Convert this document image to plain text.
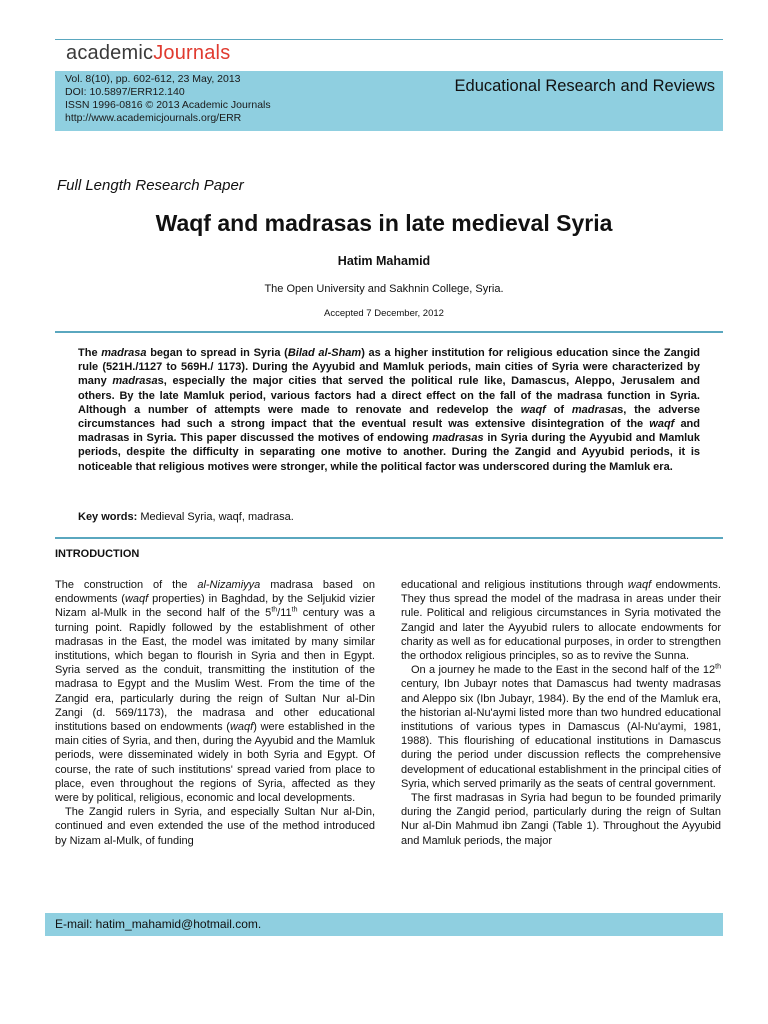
academicJournals
Vol. 8(10), pp. 602-612, 23 May, 2013
DOI: 10.5897/ERR12.140
ISSN 1996-0816 © 2013 Academic Journals
http://www.academicjournals.org/ERR
Educational Research and Reviews
Full Length Research Paper
Waqf and madrasas in late medieval Syria
Hatim Mahamid
The Open University and Sakhnin College, Syria.
Accepted 7 December, 2012

The madrasa began to spread in Syria (Bilad al-Sham) as a higher institution for religious education since the Zangid rule (521H./1127 to 569H./ 1173). During the Ayyubid and Mamluk periods, main cities of Syria were characterized by many madrasas, especially the major cities that served the political rule like, Damascus, Aleppo, Jerusalem and others. By the late Mamluk period, various factors had a direct effect on the fall of the madrasa function in Syria. Although a number of attempts were made to renovate and redevelop the waqf of madrasas, the adverse circumstances had such a strong impact that the eventual result was extensive disintegration of the waqf and madrasas in Syria. This paper discussed the motives of endowing madrasas in Syria during the Ayyubid and Mamluk periods, despite the difficulty in separating one motive to another. During the Zangid and Ayyubid periods, it is noticeable that religious motives were stronger, while the political factor was underscored during the Mamluk era.

Key words: Medieval Syria, waqf, madrasa.
INTRODUCTION

The construction of the al-Nizamiyya madrasa based on endowments (waqf properties) in Baghdad, by the Seljukid vizier Nizam al-Mulk in the second half of the 5th/11th century was a turning point. Rapidly followed by the establishment of other madrasas in the East, the model was imitated by many similar institutions, which began to flourish in Syria and then in Egypt. Syria served as the conduit, transmitting the institution of the madrasa to Egypt and the Muslim West. From the time of the Zangid era, particularly during the reign of Sultan Nur al-Din Zangi (d. 569/1173), the madrasa and other educational institutions based on endowments (waqf) were established in the main cities of Syria, and then, during the Ayyubid and the Mamluk periods, were disseminated widely in both Syria and Egypt. Of course, the rate of such institutions' spread varied from place to place, even throughout the regions of Syria, affected as they were by political, religious, economic and local developments.

The Zangid rulers in Syria, and especially Sultan Nur al-Din, continued and even extended the use of the method introduced by Nizam al-Mulk, of funding

educational and religious institutions through waqf endowments. They thus spread the model of the madrasa in areas under their rule. Political and religious circumstances in Syria motivated the Zangid and later the Ayyubid rulers to allocate endowments for charity as well as for educational purposes, in order to strengthen the orthodox religious principles, so as to revive the Sunna.

On a journey he made to the East in the second half of the 12th century, Ibn Jubayr notes that Damascus had twenty madrasas and Aleppo six (Ibn Jubayr, 1984). By the end of the Mamluk era, the historian al-Nu'aymi listed more than two hundred educational institutions of various types in Damascus (Al-Nu'aymi, 1981, 1988). This flourishing of educational institutions in Damascus during the period under discussion reflects the comprehensive development of educational establishment in the principal cities of Syria, which served primarily as the seats of central government.

The first madrasas in Syria had begun to be founded primarily during the Zangid period, particularly during the reign of Sultan Nur al-Din Mahmud ibn Zangi (Table 1). Throughout the Ayyubid and Mamluk periods, the major

E-mail: hatim_mahamid@hotmail.com.
